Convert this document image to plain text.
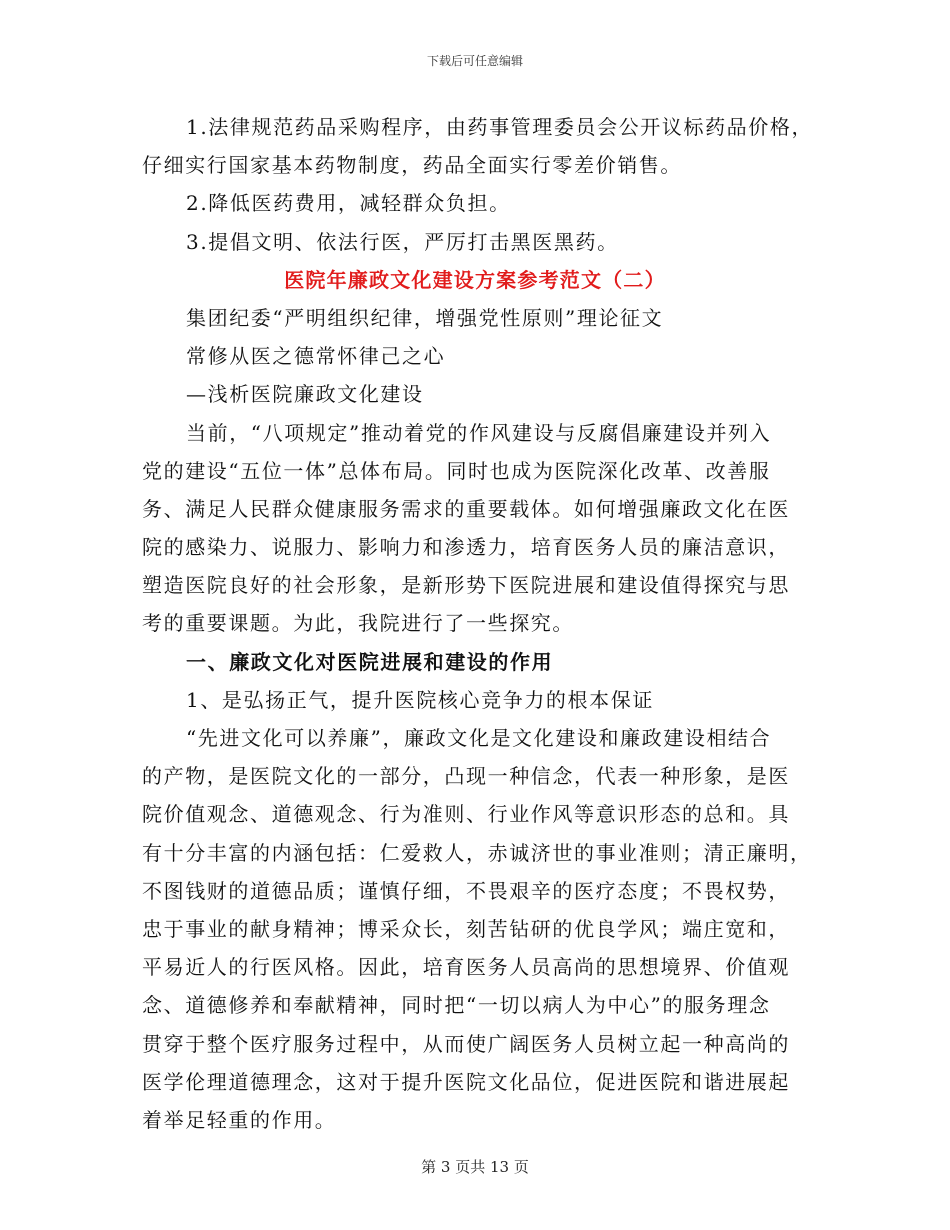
下载后可任意编辑
1.法律规范药品采购程序，由药事管理委员会公开议标药品价格，
仔细实行国家基本药物制度，药品全面实行零差价销售。
2.降低医药费用，减轻群众负担。
3.提倡文明、依法行医，严厉打击黑医黑药。
医院年廉政文化建设方案参考范文（二）
集团纪委“严明组织纪律，增强党性原则”理论征文
常修从医之德常怀律己之心
—浅析医院廉政文化建设
当前，“八项规定”推动着党的作风建设与反腐倡廉建设并列入
党的建设“五位一体”总体布局。同时也成为医院深化改革、改善服
务、满足人民群众健康服务需求的重要载体。如何增强廉政文化在医
院的感染力、说服力、影响力和渗透力，培育医务人员的廉洁意识，
塑造医院良好的社会形象，是新形势下医院进展和建设值得探究与思
考的重要课题。为此，我院进行了一些探究。
一、廉政文化对医院进展和建设的作用
1、是弘扬正气，提升医院核心竞争力的根本保证
“先进文化可以养廉”，廉政文化是文化建设和廉政建设相结合
的产物，是医院文化的一部分，凸现一种信念，代表一种形象，是医
院价值观念、道德观念、行为准则、行业作风等意识形态的总和。具
有十分丰富的内涵包括：仁爱救人，赤诚济世的事业准则；清正廉明，
不图钱财的道德品质；谨慎仔细，不畏艰辛的医疗态度；不畏权势，
忠于事业的献身精神；博采众长，刻苦钻研的优良学风；端庄宽和，
平易近人的行医风格。因此，培育医务人员高尚的思想境界、价值观
念、道德修养和奉献精神，同时把“一切以病人为中心”的服务理念
贯穿于整个医疗服务过程中，从而使广阔医务人员树立起一种高尚的
医学伦理道德理念，这对于提升医院文化品位，促进医院和谐进展起
着举足轻重的作用。
第 3 页共 13 页
